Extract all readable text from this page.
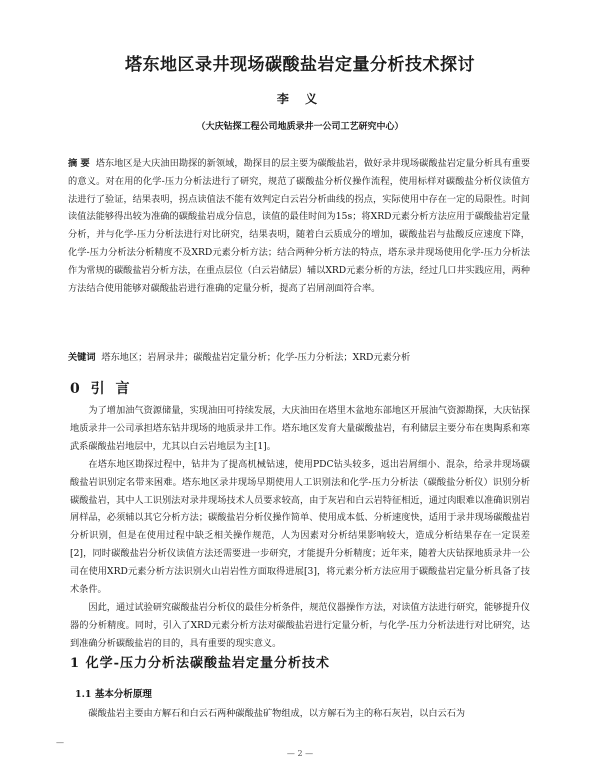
塔东地区录井现场碳酸盐岩定量分析技术探讨
李 义
（大庆钻探工程公司地质录井一公司工艺研究中心）
摘 要 塔东地区是大庆油田勘探的新领域，勘探目的层主要为碳酸盐岩，做好录井现场碳酸盐岩定量分析具有重要的意义。对在用的化学-压力分析法进行了研究，规范了碳酸盐分析仪操作流程，使用标样对碳酸盐分析仪读值方法进行了验证，结果表明，拐点读值法不能有效判定白云岩分析曲线的拐点，实际使用中存在一定的局限性。时间读值法能够得出较为准确的碳酸盐岩成分信息，读值的最佳时间为15s；将XRD元素分析方法应用于碳酸盐岩定量分析，并与化学-压力分析法进行对比研究，结果表明，随着白云质成分的增加，碳酸盐岩与盐酸反应速度下降，化学-压力分析法分析精度不及XRD元素分析方法；结合两种分析方法的特点，塔东录井现场使用化学-压力分析法作为常规的碳酸盐岩分析方法，在重点层位（白云岩储层）辅以XRD元素分析的方法，经过几口井实践应用，两种方法结合使用能够对碳酸盐岩进行准确的定量分析，提高了岩屑剖面符合率。
关键词 塔东地区；岩屑录井；碳酸盐岩定量分析；化学-压力分析法；XRD元素分析
0 引 言

为了增加油气资源储量，实现油田可持续发展，大庆油田在塔里木盆地东部地区开展油气资源勘探，大庆钻探地质录井一公司承担塔东钻井现场的地质录井工作。塔东地区发育大量碳酸盐岩，有利储层主要分布在奥陶系和寒武系碳酸盐岩地层中，尤其以白云岩地层为主[1]。

在塔东地区勘探过程中，钻井为了提高机械钻速，使用PDC钻头较多，返出岩屑细小、混杂，给录井现场碳酸盐岩识别定名带来困难。塔东地区录井现场早期使用人工识别法和化学-压力分析法（碳酸盐分析仪）识别分析碳酸盐岩，其中人工识别法对录井现场技术人员要求较高，由于灰岩和白云岩特征相近，通过肉眼难以准确识别岩屑样品，必须辅以其它分析方法；碳酸盐岩分析仪操作简单、使用成本低、分析速度快，适用于录井现场碳酸盐岩分析识别，但是在使用过程中缺乏相关操作规范，人为因素对分析结果影响较大，造成分析结果存在一定误差[2]，同时碳酸盐岩分析仪读值方法还需要进一步研究，才能提升分析精度；近年来，随着大庆钻探地质录井一公司在使用XRD元素分析方法识别火山岩岩性方面取得进展[3]，将元素分析方法应用于碳酸盐岩定量分析具备了技术条件。

因此，通过试验研究碳酸盐岩分析仪的最佳分析条件，规范仪器操作方法，对读值方法进行研究，能够提升仪器的分析精度。同时，引入了XRD元素分析方法对碳酸盐岩进行定量分析，与化学-压力分析法进行对比研究，达到准确分析碳酸盐岩的目的，具有重要的现实意义。

1 化学-压力分析法碳酸盐岩定量分析技术
1.1 基本分析原理
碳酸盐岩主要由方解石和白云石两种碳酸盐矿物组成，以方解石为主的称石灰岩，以白云石为
—
— 2 —
